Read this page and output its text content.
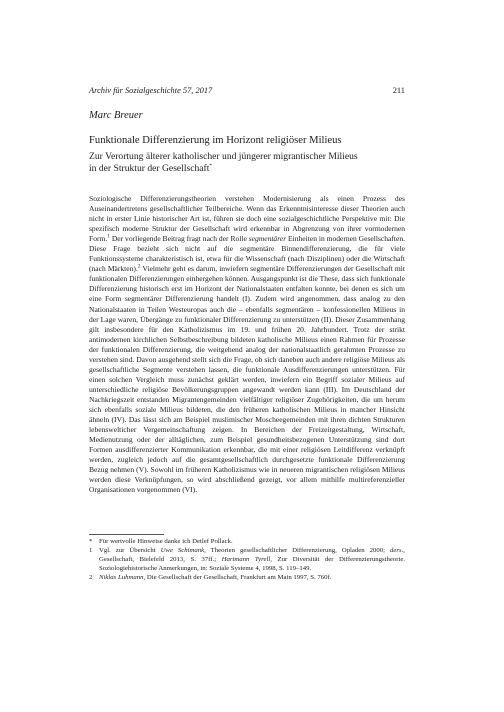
Archiv für Sozialgeschichte 57, 2017	211
Marc Breuer

Funktionale Differenzierung im Horizont religiöser Milieus

Zur Verortung älterer katholischer und jüngerer migrantischer Milieus
in der Struktur der Gesellschaft*

Soziologische Differenzierungstheorien verstehen Modernisierung als einen Prozess des Auseinandertretens gesellschaftlicher Teilbereiche. Wenn das Erkenntnisinteresse dieser Theorien auch nicht in erster Linie historischer Art ist, führen sie doch eine sozialgeschichtliche Perspektive mit: Die spezifisch moderne Struktur der Gesellschaft wird erkennbar in Abgrenzung von ihrer vormodernen Form.$^1$ Der vorliegende Beitrag fragt nach der Rolle segmentärer Einheiten in modernen Gesellschaften. Diese Frage bezieht sich nicht auf die segmentäre Binnendifferenzierung, die für viele Funktionssysteme charakteristisch ist, etwa für die Wissenschaft (nach Disziplinen) oder die Wirtschaft (nach Märkten).$^2$ Vielmehr geht es darum, inwiefern segmentäre Differenzierungen der Gesellschaft mit funktionalen Differenzierungen einhergehen können. Ausgangspunkt ist die These, dass sich funktionale Differenzierung historisch erst im Horizont der Nationalstaaten entfalten konnte, bei denen es sich um eine Form segmentärer Differenzierung handelt (I). Zudem wird angenommen, dass analog zu den Nationalstaaten in Teilen Westeuropas auch die – ebenfalls segmentären – konfessionellen Milieus in der Lage waren, Übergänge zu funktionaler Differenzierung zu unterstützen (II). Dieser Zusammenhang gilt insbesondere für den Katholizismus im 19. und frühen 20. Jahrhundert. Trotz der strikt antimodernen kirchlichen Selbstbeschreibung bildeten katholische Milieus einen Rahmen für Prozesse der funktionalen Differenzierung, die weitgehend analog der nationalstaatlich gerahmten Prozesse zu verstehen sind. Davon ausgehend stellt sich die Frage, ob sich daneben auch andere religiöse Milieus als gesellschaftliche Segmente verstehen lassen, die funktionale Ausdifferenzierungen unterstützen. Für einen solchen Vergleich muss zunächst geklärt werden, inwiefern ein Begriff sozialer Milieus auf unterschiedliche religiöse Bevölkerungsgruppen angewandt werden kann (III). Im Deutschland der Nachkriegszeit entstanden Migrantengemeinden vielfältiger religiöser Zugehörigkeiten, die um herum sich ebenfalls soziale Milieus bildeten, die den früheren katholischen Milieus in mancher Hinsicht ähneln (IV). Das lässt sich am Beispiel muslimischer Moscheegemeinden mit ihren dichten Strukturen lebenswelticher Vergemeinschaftung zeigen. In Bereichen der Freizeitgestaltung, Wirtschaft, Medienutzung oder der alltäglichen, zum Beispiel gesundheitsbezogenen Unterstützung sind dort Formen ausdifferenzierter Kommunikation erkennbar, die mit einer religiösen Leitdifferenz verknüpft werden, zugleich jedoch auf die gesamtgesellschaftlich durchgesetzte funktionale Differenzierung Bezug nehmen (V). Sowohl im früheren Katholizismus wie in neueren migrantischen religiösen Milieus werden diese Verknüpfungen, so wird abschließend gezeigt, vor allem mithilfe multireferenzieller Organisationen vorgenommen (VI).
* Für wertvolle Hinweise danke ich Detlef Pollack.
1 Vgl. zur Übersicht Uwe Schimank, Theorien gesellschaftlicher Differenzierung, Opladen 2000; ders., Gesellschaft, Bielefeld 2013, S. 37ff.; Hartmann Tyrell, Zur Diversität der Differenzierungstheorie. Soziologiehistorische Anmerkungen, in: Soziale Systeme 4, 1998, S. 119–149.
2 Niklas Luhmann, Die Gesellschaft der Gesellschaft, Frankfurt am Main 1997, S. 760f.
